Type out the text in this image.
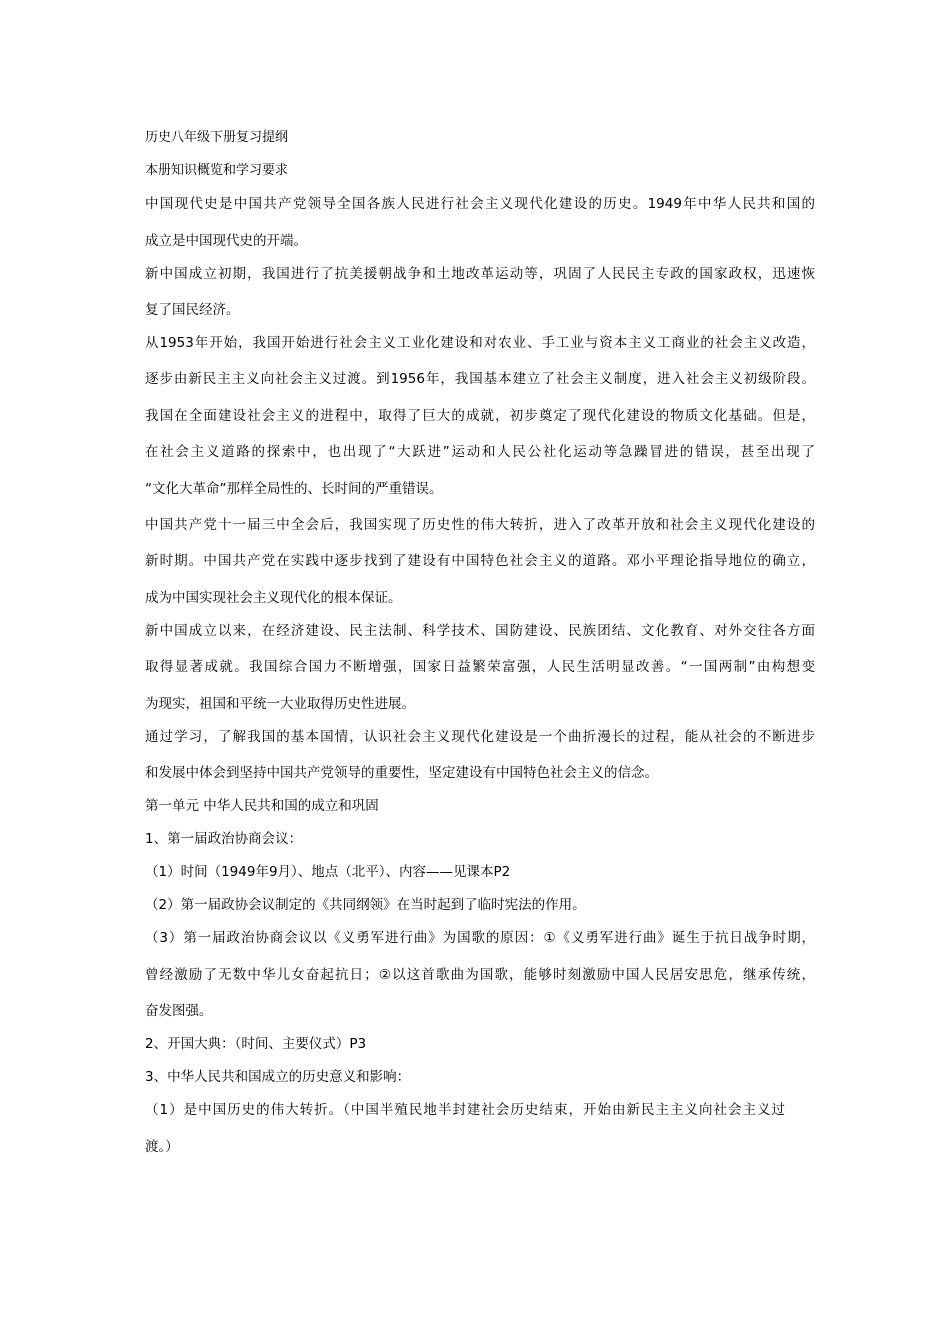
历史八年级下册复习提纲

本册知识概览和学习要求

中国现代史是中国共产党领导全国各族人民进行社会主义现代化建设的历史。1949年中华人民共和国的

成立是中国现代史的开端。

新中国成立初期，我国进行了抗美援朝战争和土地改革运动等，巩固了人民民主专政的国家政权，迅速恢

复了国民经济。

从1953年开始，我国开始进行社会主义工业化建设和对农业、手工业与资本主义工商业的社会主义改造，

逐步由新民主主义向社会主义过渡。到1956年，我国基本建立了社会主义制度，进入社会主义初级阶段。

我国在全面建设社会主义的进程中，取得了巨大的成就，初步奠定了现代化建设的物质文化基础。但是，

在社会主义道路的探索中，也出现了“大跃进”运动和人民公社化运动等急躁冒进的错误，甚至出现了

“文化大革命”那样全局性的、长时间的严重错误。

中国共产党十一届三中全会后，我国实现了历史性的伟大转折，进入了改革开放和社会主义现代化建设的

新时期。中国共产党在实践中逐步找到了建设有中国特色社会主义的道路。邓小平理论指导地位的确立，

成为中国实现社会主义现代化的根本保证。

新中国成立以来，在经济建设、民主法制、科学技术、国防建设、民族团结、文化教育、对外交往各方面

取得显著成就。我国综合国力不断增强，国家日益繁荣富强，人民生活明显改善。“一国两制”由构想变

为现实，祖国和平统一大业取得历史性进展。

通过学习，了解我国的基本国情，认识社会主义现代化建设是一个曲折漫长的过程，能从社会的不断进步

和发展中体会到坚持中国共产党领导的重要性，坚定建设有中国特色社会主义的信念。

第一单元 中华人民共和国的成立和巩固

1、第一届政治协商会议：

（1）时间（1949年9月）、地点（北平）、内容——见课本P2

（2）第一届政协会议制定的《共同纲领》在当时起到了临时宪法的作用。

（3）第一届政治协商会议以《义勇军进行曲》为国歌的原因：①《义勇军进行曲》诞生于抗日战争时期，

曾经激励了无数中华儿女奋起抗日；②以这首歌曲为国歌，能够时刻激励中国人民居安思危，继承传统，

奋发图强。

2、开国大典：（时间、主要仪式）P3

3、中华人民共和国成立的历史意义和影响：

（1）是中国历史的伟大转折。（中国半殖民地半封建社会历史结束，开始由新民主主义向社会主义过

渡。）
